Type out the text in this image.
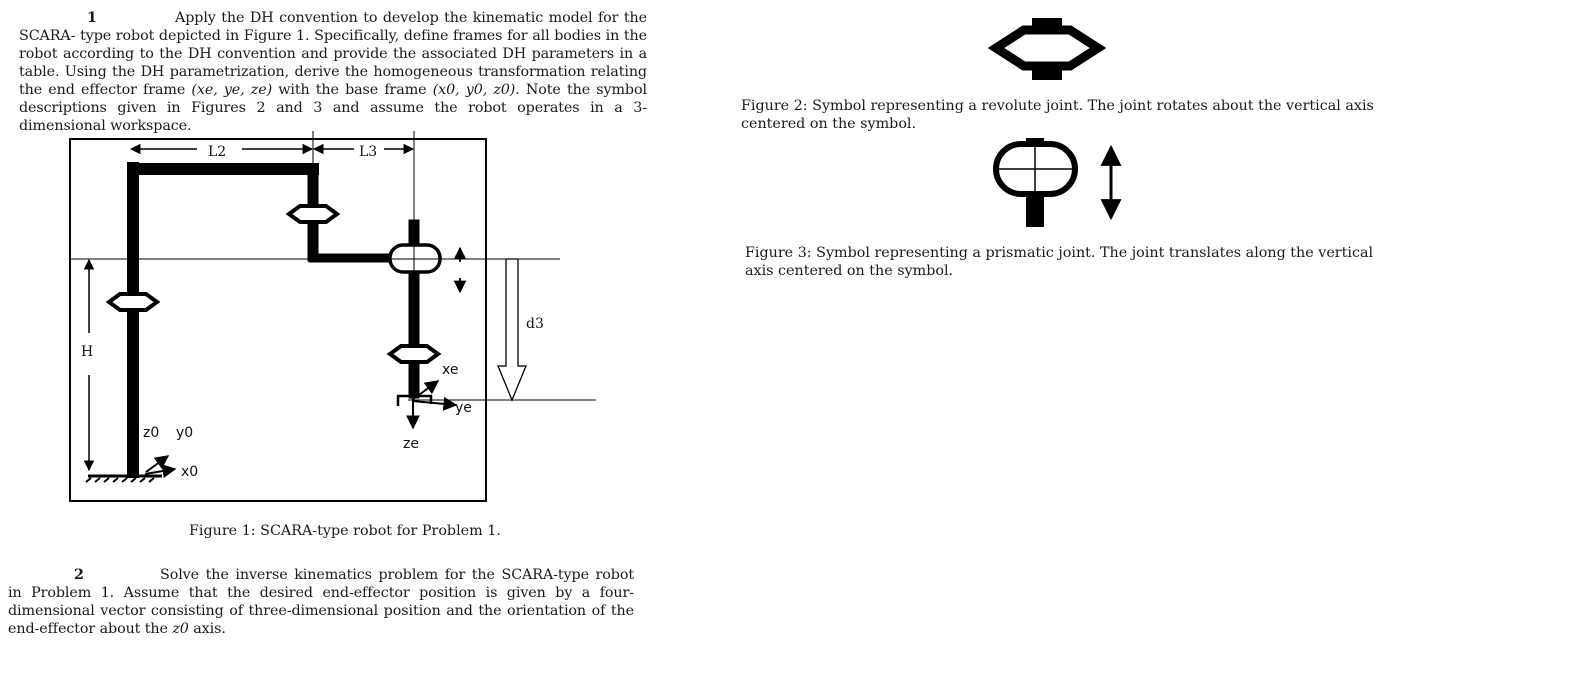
1	Apply the DH convention to develop the kinematic model for the SCARA- type robot depicted in Figure 1. Specifically, define frames for all bodies in the robot according to the DH convention and provide the associated DH parameters in a table. Using the DH parametrization, derive the homogeneous transformation relating the end effector frame (xe, ye, ze) with the base frame (x0, y0, z0). Note the symbol descriptions given in Figures 2 and 3 and assume the robot operates in a 3-dimensional workspace.
L2	L3
H
d3
xe
ye
ze
z0 y0
x0

Figure 1: SCARA-type robot for Problem 1.

Figure 2: Symbol representing a revolute joint. The joint rotates about the vertical axis centered on the symbol.

Figure 3: Symbol representing a prismatic joint. The joint translates along the vertical axis centered on the symbol.

2	Solve the inverse kinematics problem for the SCARA-type robot in Problem 1. Assume that the desired end-effector position is given by a four-dimensional vector consisting of three-dimensional position and the orientation of the end-effector about the z0 axis.
